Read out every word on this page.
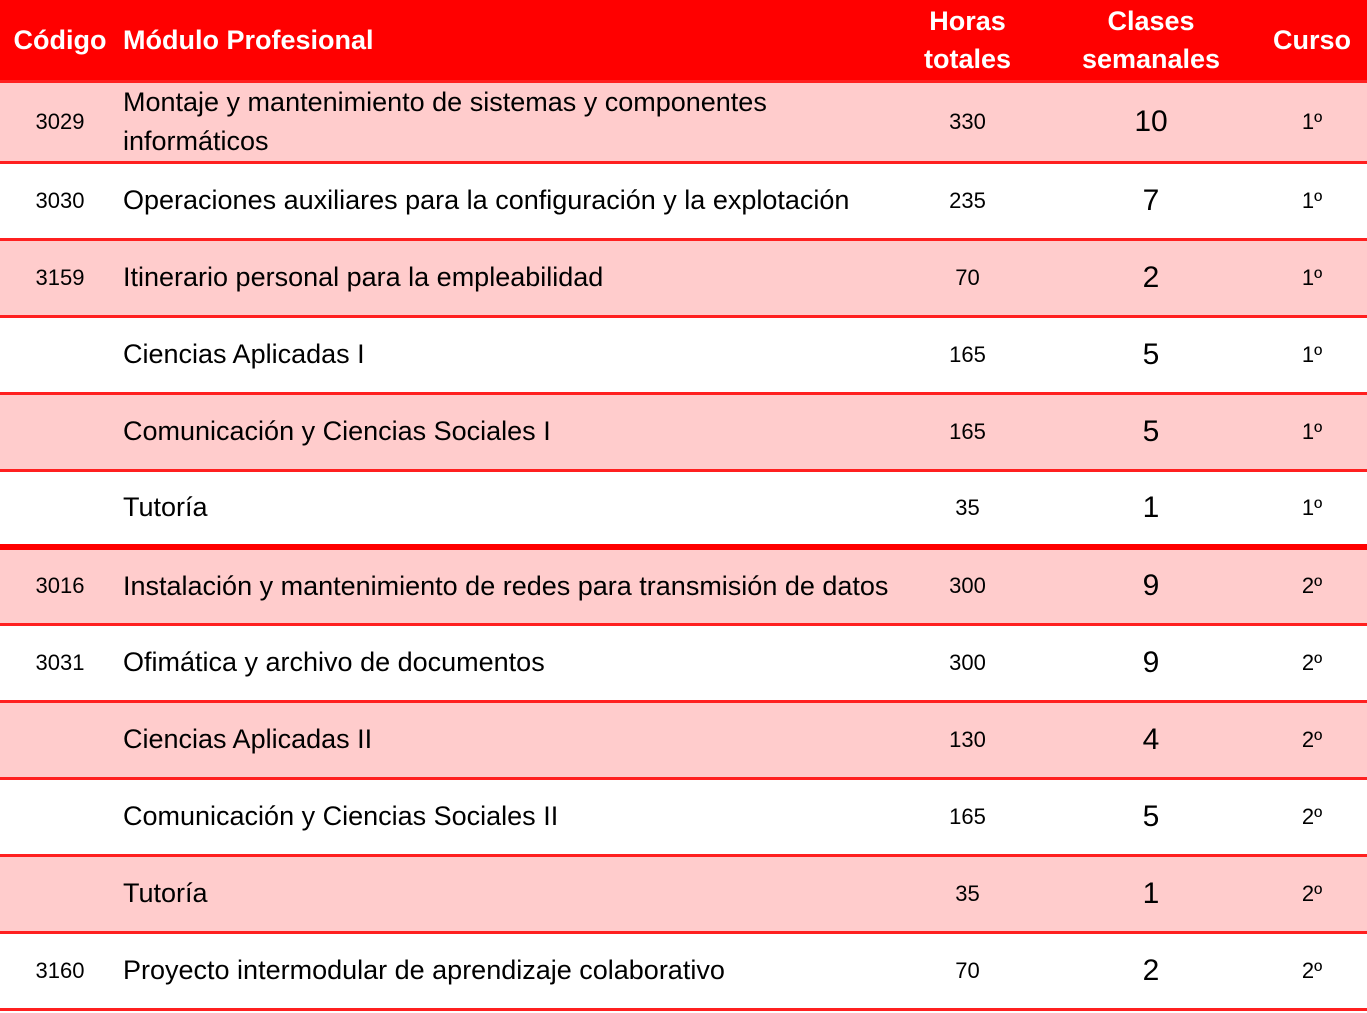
Código	Módulo Profesional	Horas totales	Clases semanales	Curso
3029	Montaje y mantenimiento de sistemas y componentes informáticos	330	10	1º
3030	Operaciones auxiliares para la configuración y la explotación	235	7	1º
3159	Itinerario personal para la empleabilidad	70	2	1º
	Ciencias Aplicadas I	165	5	1º
	Comunicación y Ciencias Sociales I	165	5	1º
	Tutoría	35	1	1º
3016	Instalación y mantenimiento de redes para transmisión de datos	300	9	2º
3031	Ofimática y archivo de documentos	300	9	2º
	Ciencias Aplicadas II	130	4	2º
	Comunicación y Ciencias Sociales II	165	5	2º
	Tutoría	35	1	2º
3160	Proyecto intermodular de aprendizaje colaborativo	70	2	2º
